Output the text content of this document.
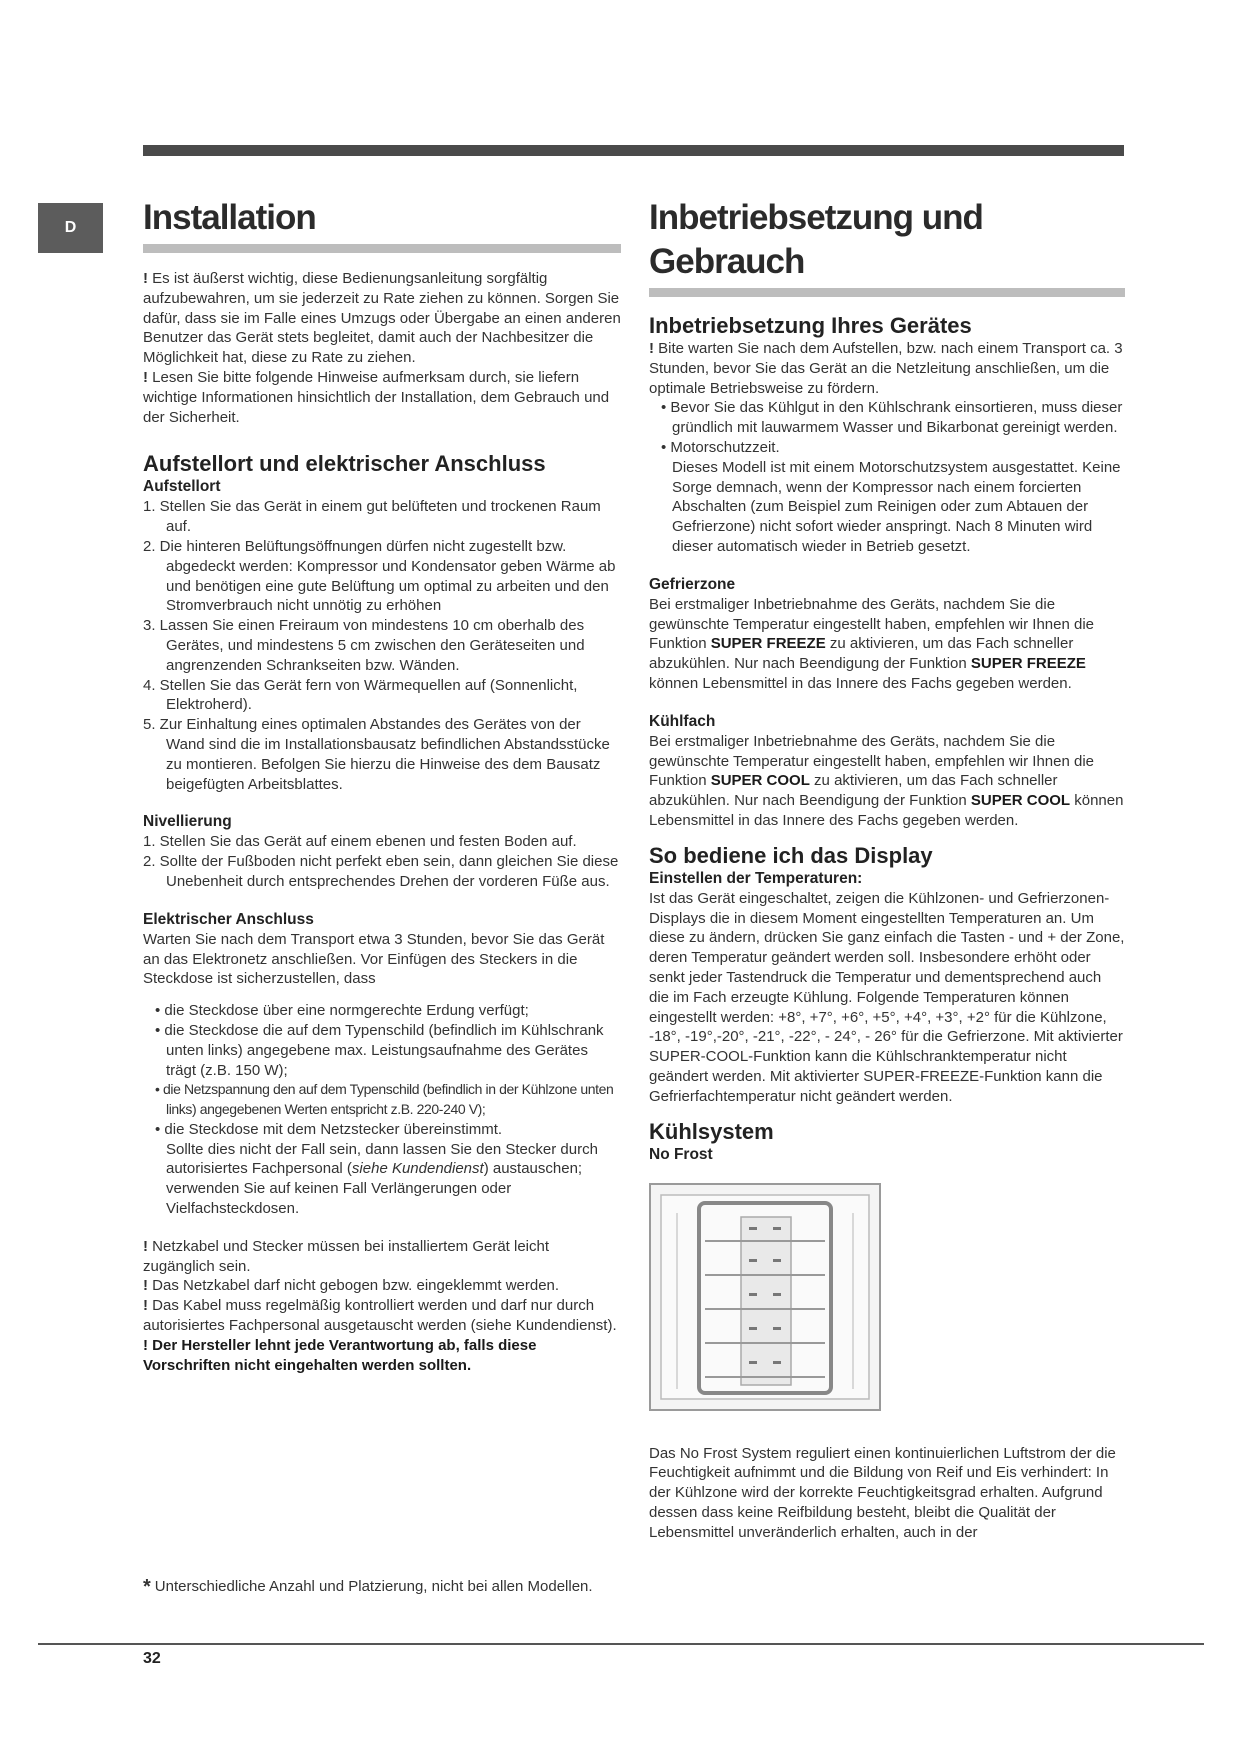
D	Installation

! Es ist äußerst wichtig, diese Bedienungsanleitung sorgfältig aufzubewahren, um sie jederzeit zu Rate ziehen zu können. Sorgen Sie dafür, dass sie im Falle eines Umzugs oder Übergabe an einen anderen Benutzer das Gerät stets begleitet, damit auch der Nachbesitzer die Möglichkeit hat, diese zu Rate zu ziehen.

! Lesen Sie bitte folgende Hinweise aufmerksam durch, sie liefern wichtige Informationen hinsichtlich der Installation, dem Gebrauch und der Sicherheit.

Aufstellort und elektrischer Anschluss
Aufstellort
1. Stellen Sie das Gerät in einem gut belüfteten und trockenen Raum auf.
2. Die hinteren Belüftungsöffnungen dürfen nicht zugestellt bzw. abgedeckt werden: Kompressor und Kondensator geben Wärme ab und benötigen eine gute Belüftung um optimal zu arbeiten und den Stromverbrauch nicht unnötig zu erhöhen
3. Lassen Sie einen Freiraum von mindestens 10 cm oberhalb des Gerätes, und mindestens 5 cm zwischen den Geräteseiten und angrenzenden Schrankseiten bzw. Wänden.
4. Stellen Sie das Gerät fern von Wärmequellen auf (Sonnenlicht, Elektroherd).
5. Zur Einhaltung eines optimalen Abstandes des Gerätes von der Wand sind die im Installationsbausatz befindlichen Abstandsstücke zu montieren. Befolgen Sie hierzu die Hinweise des dem Bausatz beigefügten Arbeitsblattes.
Nivellierung
1. Stellen Sie das Gerät auf einem ebenen und festen Boden auf.
2. Sollte der Fußboden nicht perfekt eben sein, dann gleichen Sie diese Unebenheit durch entsprechendes Drehen der vorderen Füße aus.
Elektrischer Anschluss

Warten Sie nach dem Transport etwa 3 Stunden, bevor Sie das Gerät an das Elektronetz anschließen. Vor Einfügen des Steckers in die Steckdose ist sicherzustellen, dass

• die Steckdose über eine normgerechte Erdung verfügt;
• die Steckdose die auf dem Typenschild (befindlich im Kühlschrank unten links) angegebene max. Leistungsaufnahme des Gerätes trägt (z.B. 150 W);
• die Netzspannung den auf dem Typenschild (befindlich in der Kühlzone unten links) angegebenen Werten entspricht z.B. 220-240 V);
• die Steckdose mit dem Netzstecker übereinstimmt.
Sollte dies nicht der Fall sein, dann lassen Sie den Stecker durch autorisiertes Fachpersonal (siehe Kundendienst) austauschen; verwenden Sie auf keinen Fall Verlängerungen oder Vielfachsteckdosen.

! Netzkabel und Stecker müssen bei installiertem Gerät leicht zugänglich sein.

! Das Netzkabel darf nicht gebogen bzw. eingeklemmt werden.

! Das Kabel muss regelmäßig kontrolliert werden und darf nur durch autorisiertes Fachpersonal ausgetauscht werden (siehe Kundendienst).

! Der Hersteller lehnt jede Verantwortung ab, falls diese Vorschriften nicht eingehalten werden sollten.

Inbetriebsetzung und Gebrauch
Inbetriebsetzung Ihres Gerätes

! Bite warten Sie nach dem Aufstellen, bzw. nach einem Transport ca. 3 Stunden, bevor Sie das Gerät an die Netzleitung anschließen, um die optimale Betriebsweise zu fördern.

• Bevor Sie das Kühlgut in den Kühlschrank einsortieren, muss dieser gründlich mit lauwarmem Wasser und Bikarbonat gereinigt werden.
• Motorschutzzeit.
Dieses Modell ist mit einem Motorschutzsystem ausgestattet. Keine Sorge demnach, wenn der Kompressor nach einem forcierten Abschalten (zum Beispiel zum Reinigen oder zum Abtauen der Gefrierzone) nicht sofort wieder anspringt. Nach 8 Minuten wird dieser automatisch wieder in Betrieb gesetzt.
Gefrierzone

Bei erstmaliger Inbetriebnahme des Geräts, nachdem Sie die gewünschte Temperatur eingestellt haben, empfehlen wir Ihnen die Funktion SUPER FREEZE zu aktivieren, um das Fach schneller abzukühlen. Nur nach Beendigung der Funktion SUPER FREEZE können Lebensmittel in das Innere des Fachs gegeben werden.

Kühlfach

Bei erstmaliger Inbetriebnahme des Geräts, nachdem Sie die gewünschte Temperatur eingestellt haben, empfehlen wir Ihnen die Funktion SUPER COOL zu aktivieren, um das Fach schneller abzukühlen. Nur nach Beendigung der Funktion SUPER COOL können Lebensmittel in das Innere des Fachs gegeben werden.

So bediene ich das Display
Einstellen der Temperaturen:

Ist das Gerät eingeschaltet, zeigen die Kühlzonen- und Gefrierzonen-Displays die in diesem Moment eingestellten Temperaturen an. Um diese zu ändern, drücken Sie ganz einfach die Tasten - und + der Zone, deren Temperatur geändert werden soll. Insbesondere erhöht oder senkt jeder Tastendruck die Temperatur und dementsprechend auch die im Fach erzeugte Kühlung. Folgende Temperaturen können eingestellt werden: +8°, +7°, +6°, +5°, +4°, +3°, +2° für die Kühlzone, -18°, -19°,-20°, -21°, -22°, - 24°, - 26° für die Gefrierzone. Mit aktivierter SUPER-COOL-Funktion kann die Kühlschranktemperatur nicht geändert werden. Mit aktivierter SUPER-FREEZE-Funktion kann die Gefrierfachtemperatur nicht geändert werden.

Kühlsystem
No Frost

Das No Frost System reguliert einen kontinuierlichen Luftstrom der die Feuchtigkeit aufnimmt und die Bildung von Reif und Eis verhindert: In der Kühlzone wird der korrekte Feuchtigkeitsgrad erhalten. Aufgrund dessen dass keine Reifbildung besteht, bleibt die Qualität der Lebensmittel unveränderlich erhalten, auch in der

* Unterschiedliche Anzahl und Platzierung, nicht bei allen Modellen.
32
